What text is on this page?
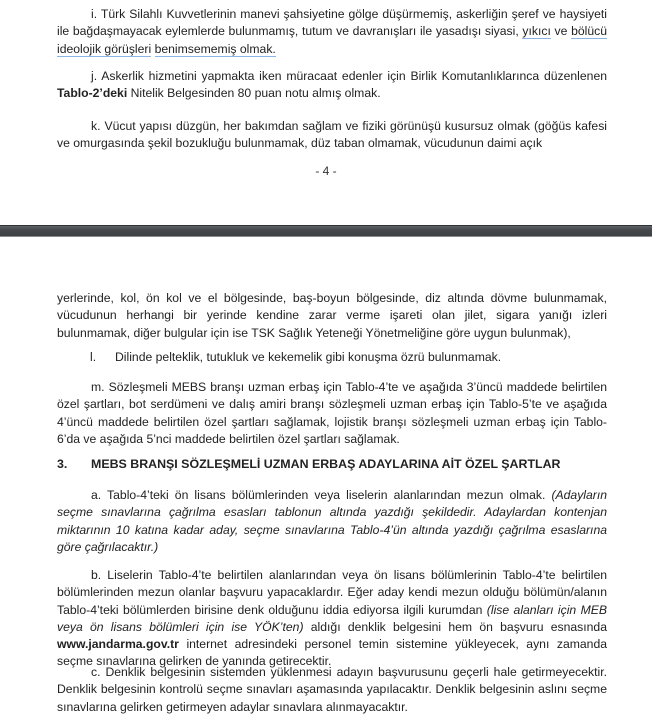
i. Türk Silahlı Kuvvetlerinin manevi şahsiyetine gölge düşürmemiş, askerliğin şeref ve haysiyeti ile bağdaşmayacak eylemlerde bulunmamış, tutum ve davranışları ile yasadışı siyasi, yıkıcı ve bölücü ideolojik görüşleri benimsememiş olmak.

j. Askerlik hizmetini yapmakta iken müracaat edenler için Birlik Komutanlıklarınca düzenlenen Tablo-2’deki Nitelik Belgesinden 80 puan notu almış olmak.

k. Vücut yapısı düzgün, her bakımdan sağlam ve fiziki görünüşü kusursuz olmak (göğüs kafesi ve omurgasında şekil bozukluğu bulunmamak, düz taban olmamak, vücudunun daimi açık

- 4 -

yerlerinde, kol, ön kol ve el bölgesinde, baş-boyun bölgesinde, diz altında dövme bulunmamak, vücudunun herhangi bir yerinde kendine zarar verme işareti olan jilet, sigara yanığı izleri bulunmamak, diğer bulgular için ise TSK Sağlık Yeteneği Yönetmeliğine göre uygun bulunmak),

l. Dilinde pelteklik, tutukluk ve kekemelik gibi konuşma özrü bulunmamak.

m. Sözleşmeli MEBS branşı uzman erbaş için Tablo-4’te ve aşağıda 3’üncü maddede belirtilen özel şartları, bot serdümeni ve dalış amiri branşı sözleşmeli uzman erbaş için Tablo-5’te ve aşağıda 4’üncü maddede belirtilen özel şartları sağlamak, lojistik branşı sözleşmeli uzman erbaş için Tablo-6’da ve aşağıda 5’nci maddede belirtilen özel şartları sağlamak.

3. MEBS BRANŞI SÖZLEŞMELİ UZMAN ERBAŞ ADAYLARINA AİT ÖZEL ŞARTLAR

a. Tablo-4’teki ön lisans bölümlerinden veya liselerin alanlarından mezun olmak. (Adayların seçme sınavlarına çağrılma esasları tablonun altında yazdığı şekildedir. Adaylardan kontenjan miktarının 10 katına kadar aday, seçme sınavlarına Tablo-4’ün altında yazdığı çağrılma esaslarına göre çağrılacaktır.)

b. Liselerin Tablo-4’te belirtilen alanlarından veya ön lisans bölümlerinin Tablo-4’te belirtilen bölümlerinden mezun olanlar başvuru yapacaklardır. Eğer aday kendi mezun olduğu bölümün/alanın Tablo-4’teki bölümlerden birisine denk olduğunu iddia ediyorsa ilgili kurumdan (lise alanları için MEB veya ön lisans bölümleri için ise YÖK’ten) aldığı denklik belgesini hem ön başvuru esnasında www.jandarma.gov.tr internet adresindeki personel temin sistemine yükleyecek, aynı zamanda seçme sınavlarına gelirken de yanında getirecektir.

c. Denklik belgesinin sistemden yüklenmesi adayın başvurusunu geçerli hale getirmeyecektir. Denklik belgesinin kontrolü seçme sınavları aşamasında yapılacaktır. Denklik belgesinin aslını seçme sınavlarına gelirken getirmeyen adaylar sınavlara alınmayacaktır.
